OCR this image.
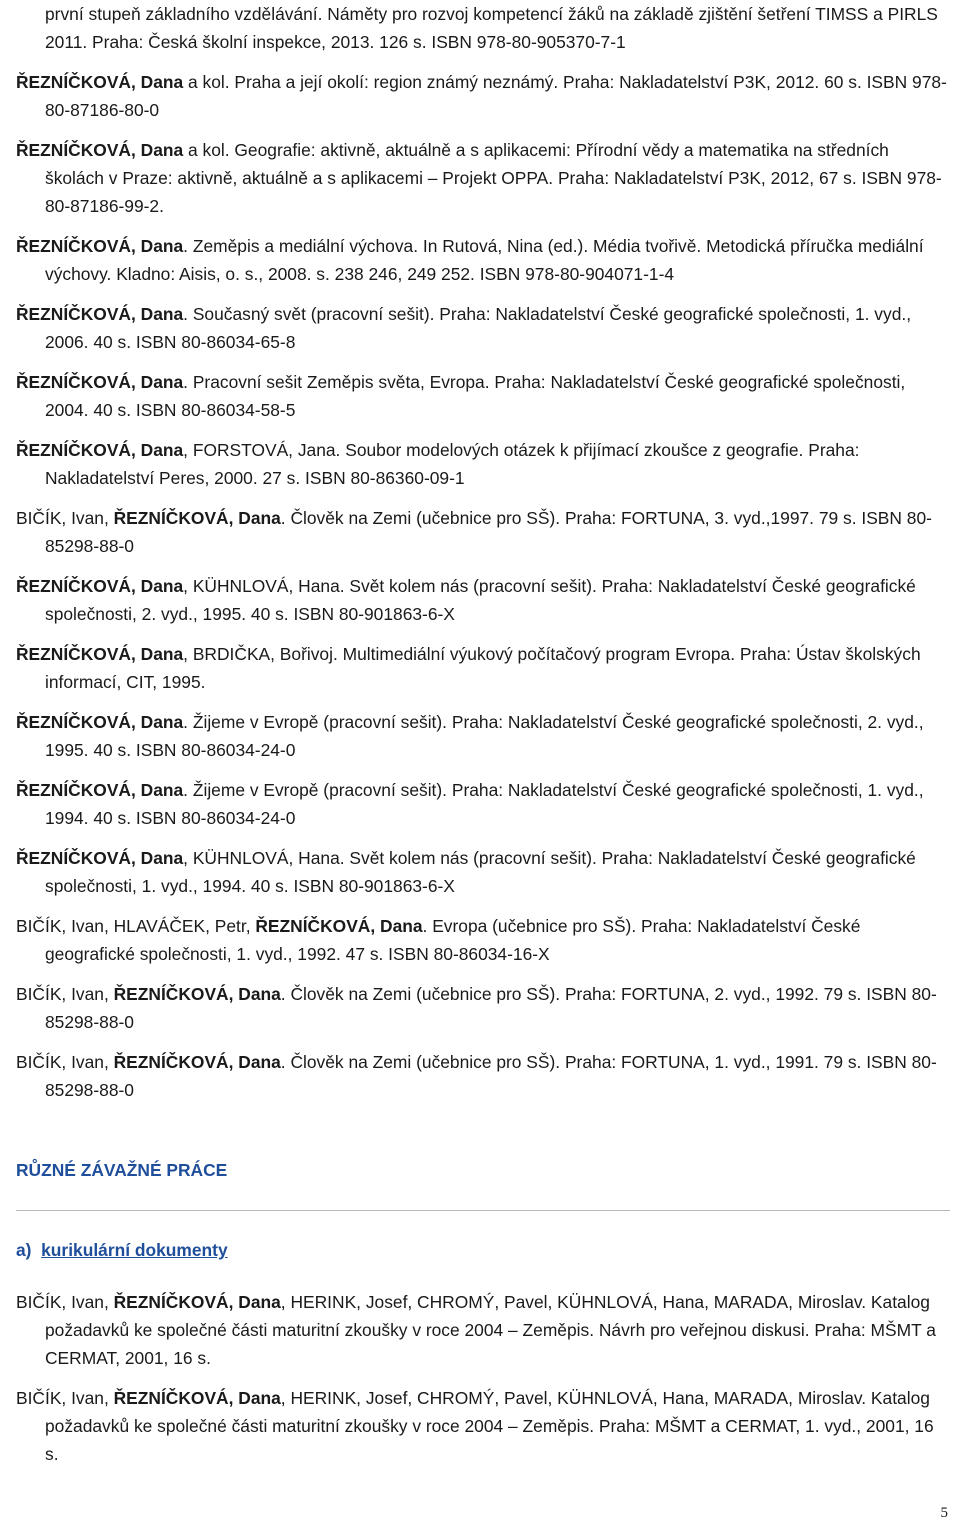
první stupeň základního vzdělávání. Náměty pro rozvoj kompetencí žáků na základě zjištění šetření TIMSS a PIRLS 2011. Praha: Česká školní inspekce, 2013. 126 s. ISBN 978-80-905370-7-1

ŘEZNÍČKOVÁ, Dana a kol. Praha a její okolí: region známý neznámý. Praha: Nakladatelství P3K, 2012. 60 s. ISBN 978-80-87186-80-0

ŘEZNÍČKOVÁ, Dana a kol. Geografie: aktivně, aktuálně a s aplikacemi: Přírodní vědy a matematika na středních školách v Praze: aktivně, aktuálně a s aplikacemi – Projekt OPPA. Praha: Nakladatelství P3K, 2012, 67 s. ISBN 978-80-87186-99-2.

ŘEZNÍČKOVÁ, Dana. Zeměpis a mediální výchova. In Rutová, Nina (ed.). Média tvořivě. Metodická příručka mediální výchovy. Kladno: Aisis, o. s., 2008. s. 238 246, 249 252. ISBN 978-80-904071-1-4

ŘEZNÍČKOVÁ, Dana. Současný svět (pracovní sešit). Praha: Nakladatelství České geografické společnosti, 1. vyd., 2006. 40 s. ISBN 80-86034-65-8

ŘEZNÍČKOVÁ, Dana. Pracovní sešit Zeměpis světa, Evropa. Praha: Nakladatelství České geografické společnosti, 2004. 40 s. ISBN 80-86034-58-5

ŘEZNÍČKOVÁ, Dana, FORSTOVÁ, Jana. Soubor modelových otázek k přijímací zkoušce z geografie. Praha: Nakladatelství Peres, 2000. 27 s. ISBN 80-86360-09-1

BIČÍK, Ivan, ŘEZNÍČKOVÁ, Dana. Člověk na Zemi (učebnice pro SŠ). Praha: FORTUNA, 3. vyd.,1997. 79 s. ISBN 80-85298-88-0

ŘEZNÍČKOVÁ, Dana, KÜHNLOVÁ, Hana. Svět kolem nás (pracovní sešit). Praha: Nakladatelství České geografické společnosti, 2. vyd., 1995. 40 s. ISBN 80-901863-6-X

ŘEZNÍČKOVÁ, Dana, BRDIČKA, Bořivoj. Multimediální výukový počítačový program Evropa. Praha: Ústav školských informací, CIT, 1995.

ŘEZNÍČKOVÁ, Dana. Žijeme v Evropě (pracovní sešit). Praha: Nakladatelství České geografické společnosti, 2. vyd., 1995. 40 s. ISBN 80-86034-24-0

ŘEZNÍČKOVÁ, Dana. Žijeme v Evropě (pracovní sešit). Praha: Nakladatelství České geografické společnosti, 1. vyd., 1994. 40 s. ISBN 80-86034-24-0

ŘEZNÍČKOVÁ, Dana, KÜHNLOVÁ, Hana. Svět kolem nás (pracovní sešit). Praha: Nakladatelství České geografické společnosti, 1. vyd., 1994. 40 s. ISBN 80-901863-6-X

BIČÍK, Ivan, HLAVÁČEK, Petr, ŘEZNÍČKOVÁ, Dana. Evropa (učebnice pro SŠ). Praha: Nakladatelství České geografické společnosti, 1. vyd., 1992. 47 s. ISBN 80-86034-16-X

BIČÍK, Ivan, ŘEZNÍČKOVÁ, Dana. Člověk na Zemi (učebnice pro SŠ). Praha: FORTUNA, 2. vyd., 1992. 79 s. ISBN 80-85298-88-0

BIČÍK, Ivan, ŘEZNÍČKOVÁ, Dana. Člověk na Zemi (učebnice pro SŠ). Praha: FORTUNA, 1. vyd., 1991. 79 s. ISBN 80-85298-88-0

RŮZNÉ ZÁVAŽNÉ PRÁCE
a) kurikulární dokumenty

BIČÍK, Ivan, ŘEZNÍČKOVÁ, Dana, HERINK, Josef, CHROMÝ, Pavel, KÜHNLOVÁ, Hana, MARADA, Miroslav. Katalog požadavků ke společné části maturitní zkoušky v roce 2004 – Zeměpis. Návrh pro veřejnou diskusi. Praha: MŠMT a CERMAT, 2001, 16 s.

BIČÍK, Ivan, ŘEZNÍČKOVÁ, Dana, HERINK, Josef, CHROMÝ, Pavel, KÜHNLOVÁ, Hana, MARADA, Miroslav. Katalog požadavků ke společné části maturitní zkoušky v roce 2004 – Zeměpis. Praha: MŠMT a CERMAT, 1. vyd., 2001, 16 s.

5
